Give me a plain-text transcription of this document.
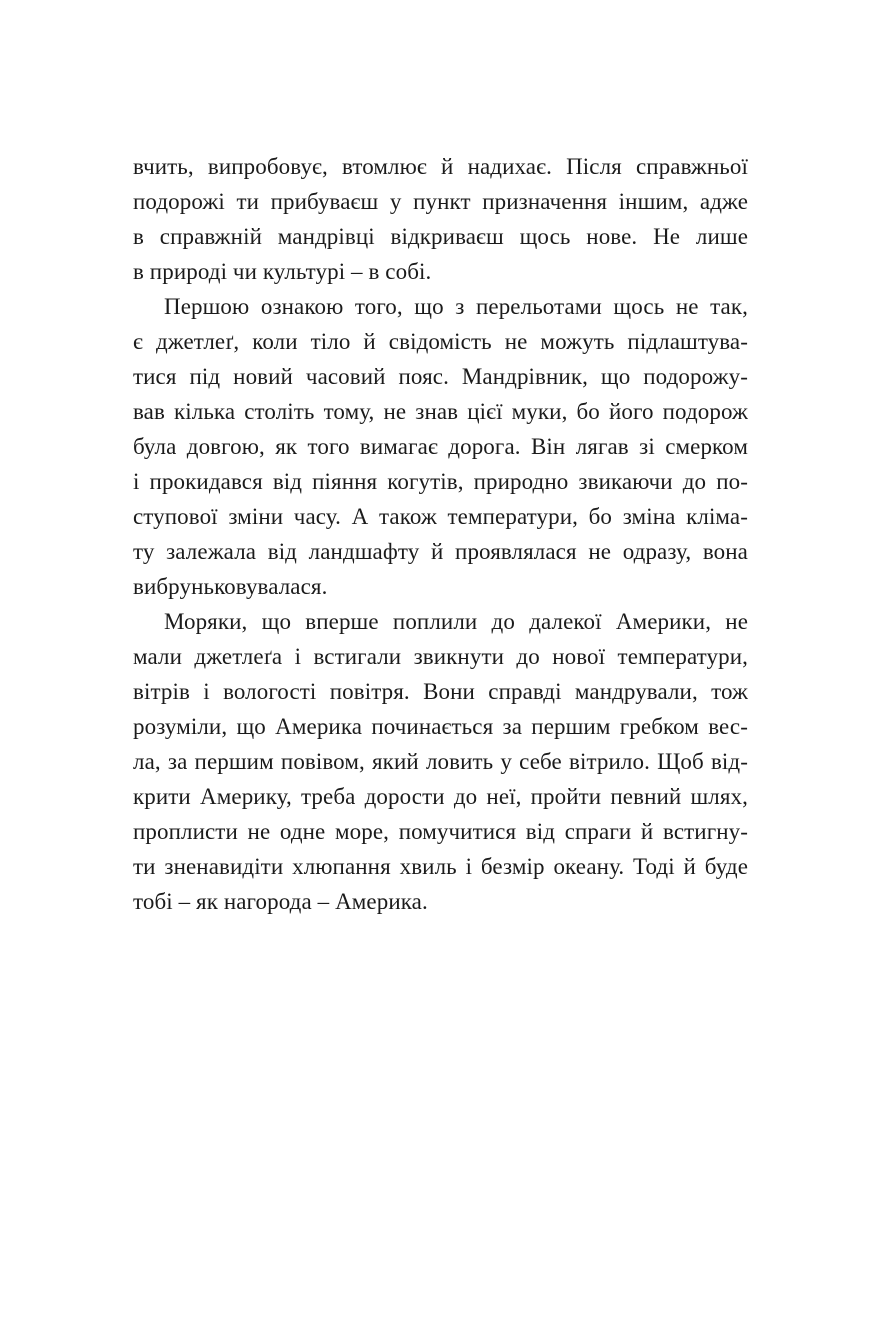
вчить, випробовує, втомлює й надихає. Після справжньої
подорожі ти прибуваєш у пункт призначення іншим, адже
в справжній мандрівці відкриваєш щось нове. Не лише
в природі чи культурі – в собі.
Першою ознакою того, що з перельотами щось не так,
є джетлеґ, коли тіло й свідомість не можуть підлаштува-
тися під новий часовий пояс. Мандрівник, що подорожу-
вав кілька століть тому, не знав цієї муки, бо його подорож
була довгою, як того вимагає дорога. Він лягав зі смерком
і прокидався від піяння когутів, природно звикаючи до по-
ступової зміни часу. А також температури, бо зміна кліма-
ту залежала від ландшафту й проявлялася не одразу, вона
вибруньковувалася.
Моряки, що вперше поплили до далекої Америки, не
мали джетлеґа і встигали звикнути до нової температури,
вітрів і вологості повітря. Вони справді мандрували, тож
розуміли, що Америка починається за першим гребком вес-
ла, за першим повівом, який ловить у себе вітрило. Щоб від-
крити Америку, треба дорости до неї, пройти певний шлях,
проплисти не одне море, помучитися від спраги й встигну-
ти зненавидіти хлюпання хвиль і безмір океану. Тоді й буде
тобі – як нагорода – Америка.
